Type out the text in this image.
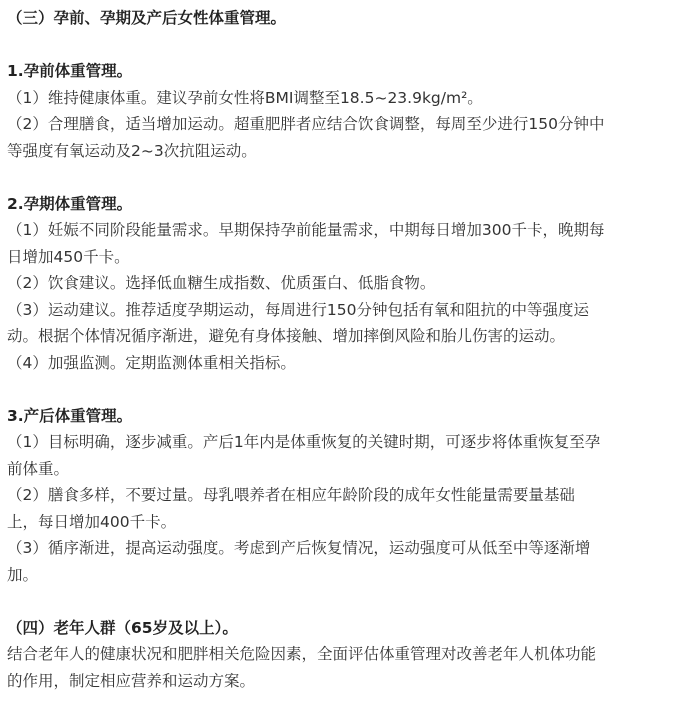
（三）孕前、孕期及产后女性体重管理。
1.孕前体重管理。
（1）维持健康体重。建议孕前女性将BMI调整至18.5~23.9kg/m²。
（2）合理膳食，适当增加运动。超重肥胖者应结合饮食调整，每周至少进行150分钟中
等强度有氧运动及2~3次抗阻运动。
2.孕期体重管理。
（1）妊娠不同阶段能量需求。早期保持孕前能量需求，中期每日增加300千卡，晚期每
日增加450千卡。
（2）饮食建议。选择低血糖生成指数、优质蛋白、低脂食物。
（3）运动建议。推荐适度孕期运动，每周进行150分钟包括有氧和阻抗的中等强度运
动。根据个体情况循序渐进，避免有身体接触、增加摔倒风险和胎儿伤害的运动。
（4）加强监测。定期监测体重相关指标。
3.产后体重管理。
（1）目标明确，逐步减重。产后1年内是体重恢复的关键时期，可逐步将体重恢复至孕
前体重。
（2）膳食多样，不要过量。母乳喂养者在相应年龄阶段的成年女性能量需要量基础
上，每日增加400千卡。
（3）循序渐进，提高运动强度。考虑到产后恢复情况，运动强度可从低至中等逐渐增
加。
（四）老年人群（65岁及以上）。
结合老年人的健康状况和肥胖相关危险因素，全面评估体重管理对改善老年人机体功能
的作用，制定相应营养和运动方案。
